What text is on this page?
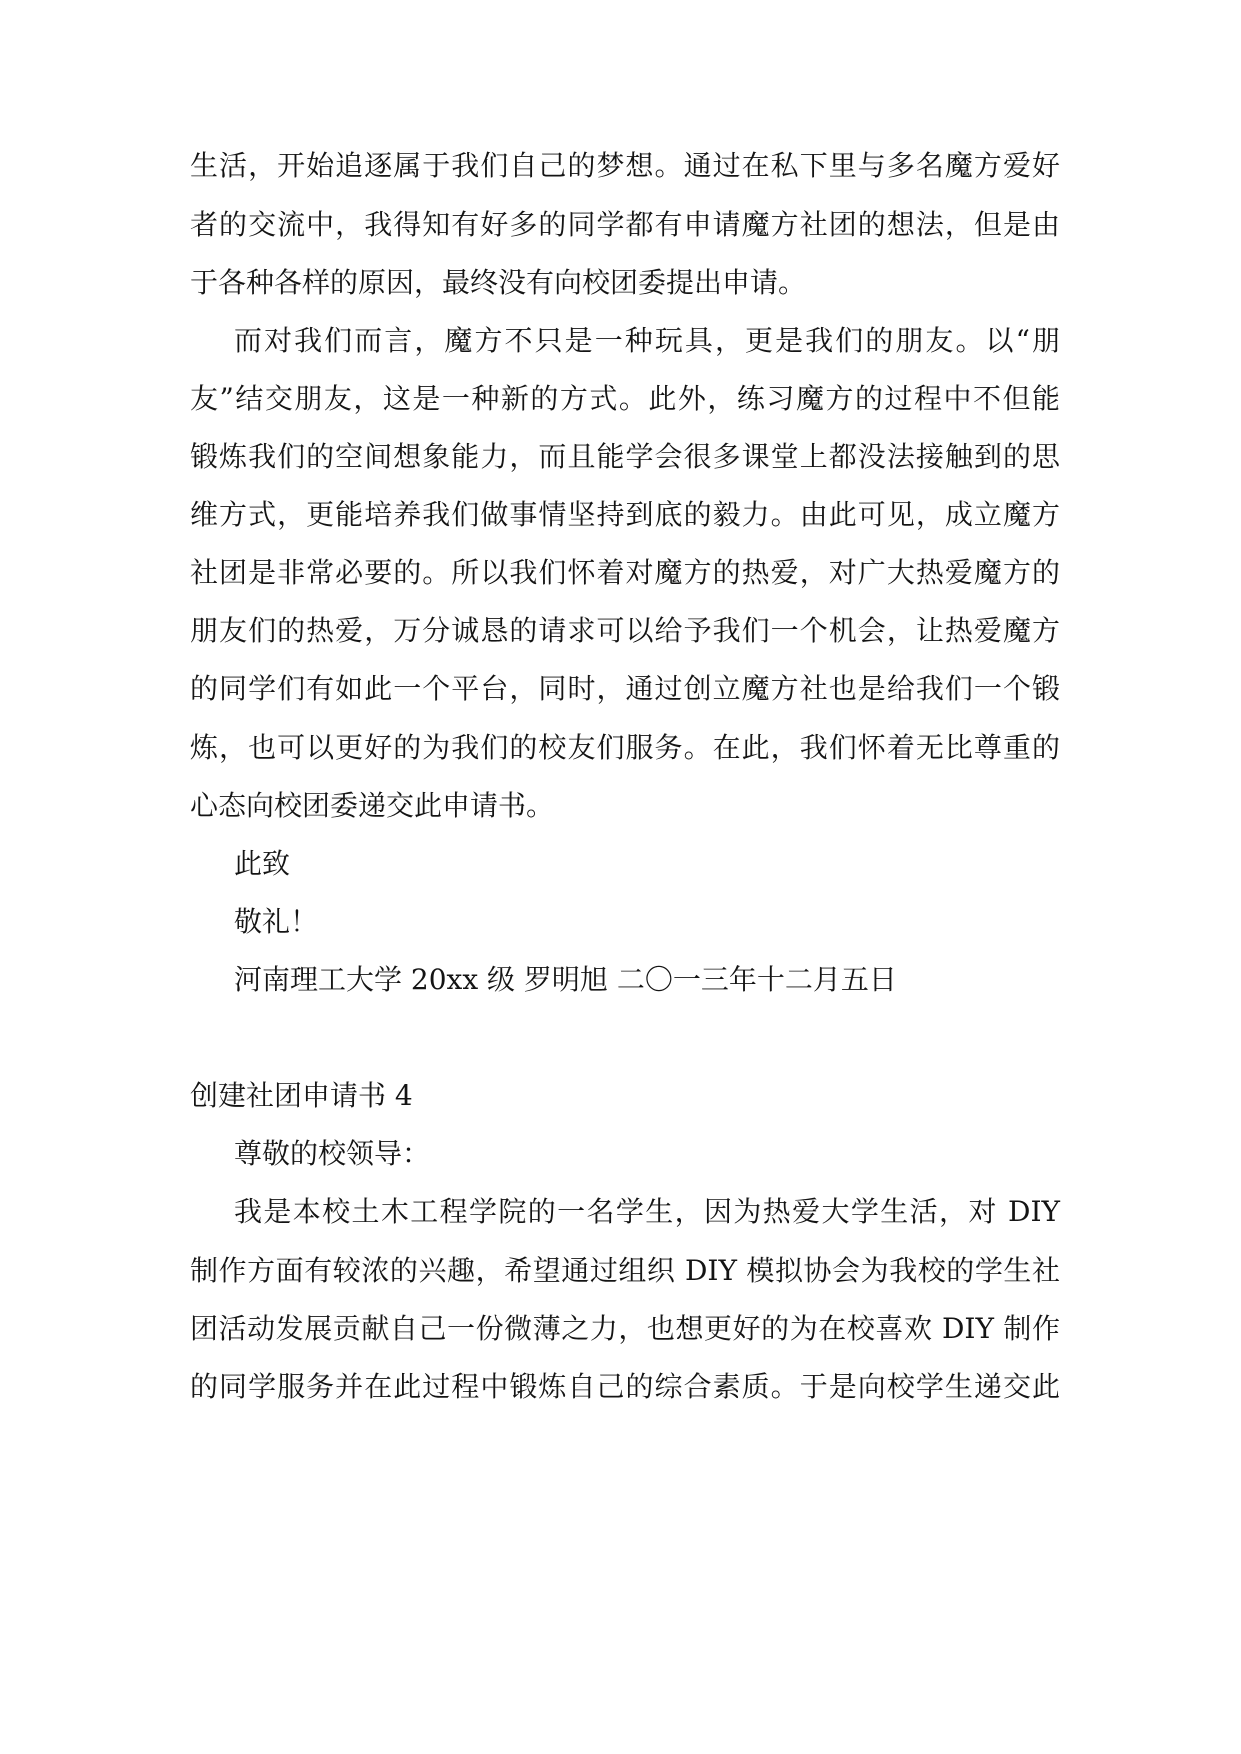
生活，开始追逐属于我们自己的梦想。通过在私下里与多名魔方爱好
者的交流中，我得知有好多的同学都有申请魔方社团的想法，但是由
于各种各样的原因，最终没有向校团委提出申请。
而对我们而言，魔方不只是一种玩具，更是我们的朋友。以“朋
友”结交朋友，这是一种新的方式。此外，练习魔方的过程中不但能
锻炼我们的空间想象能力，而且能学会很多课堂上都没法接触到的思
维方式，更能培养我们做事情坚持到底的毅力。由此可见，成立魔方
社团是非常必要的。所以我们怀着对魔方的热爱，对广大热爱魔方的
朋友们的热爱，万分诚恳的请求可以给予我们一个机会，让热爱魔方
的同学们有如此一个平台，同时，通过创立魔方社也是给我们一个锻
炼，也可以更好的为我们的校友们服务。在此，我们怀着无比尊重的
心态向校团委递交此申请书。
此致
敬礼！
河南理工大学 20xx 级 罗明旭 二〇一三年十二月五日
创建社团申请书 4
尊敬的校领导：
我是本校土木工程学院的一名学生，因为热爱大学生活，对 DIY
制作方面有较浓的兴趣，希望通过组织 DIY 模拟协会为我校的学生社
团活动发展贡献自己一份微薄之力，也想更好的为在校喜欢 DIY 制作
的同学服务并在此过程中锻炼自己的综合素质。于是向校学生递交此
